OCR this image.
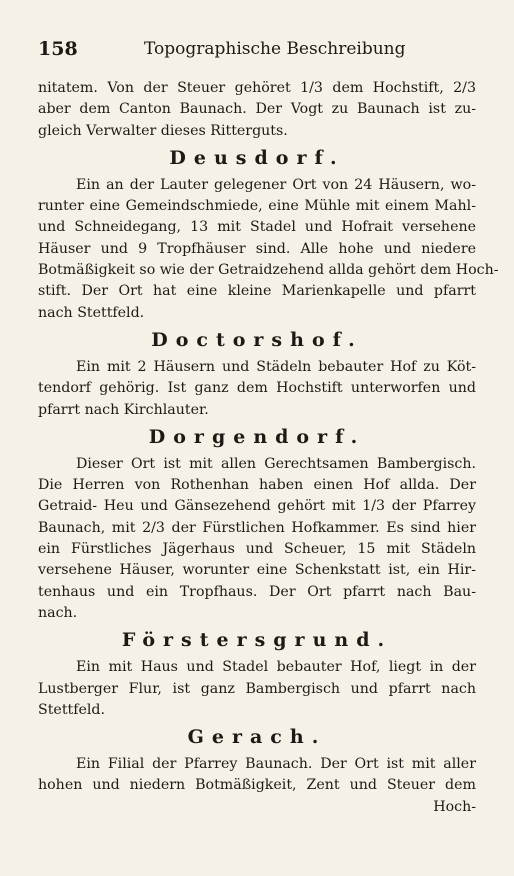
158	Topographische Beschreibung
nitatem. Von der Steuer gehöret 1/3 dem Hochstift, 2/3
aber dem Canton Baunach. Der Vogt zu Baunach ist zu-
gleich Verwalter dieses Ritterguts.
Deusdorf.
Ein an der Lauter gelegener Ort von 24 Häusern, wo-
runter eine Gemeindschmiede, eine Mühle mit einem Mahl-
und Schneidegang, 13 mit Stadel und Hofrait versehene
Häuser und 9 Tropfhäuser sind. Alle hohe und niedere
Botmäßigkeit so wie der Getraidzehend allda gehört dem Hoch-
stift. Der Ort hat eine kleine Marienkapelle und pfarrt
nach Stettfeld.
Doctorshof.
Ein mit 2 Häusern und Städeln bebauter Hof zu Köt-
tendorf gehörig. Ist ganz dem Hochstift unterworfen und
pfarrt nach Kirchlauter.
Dorgendorf.
Dieser Ort ist mit allen Gerechtsamen Bambergisch.
Die Herren von Rothenhan haben einen Hof allda. Der
Getraid- Heu und Gänsezehend gehört mit 1/3 der Pfarrey
Baunach, mit 2/3 der Fürstlichen Hofkammer. Es sind hier
ein Fürstliches Jägerhaus und Scheuer, 15 mit Städeln
versehene Häuser, worunter eine Schenkstatt ist, ein Hir-
tenhaus und ein Tropfhaus. Der Ort pfarrt nach Bau-
nach.
Förstersgrund.
Ein mit Haus und Stadel bebauter Hof, liegt in der
Lustberger Flur, ist ganz Bambergisch und pfarrt nach
Stettfeld.
Gerach.
Ein Filial der Pfarrey Baunach. Der Ort ist mit aller
hohen und niedern Botmäßigkeit, Zent und Steuer dem
Hoch-
